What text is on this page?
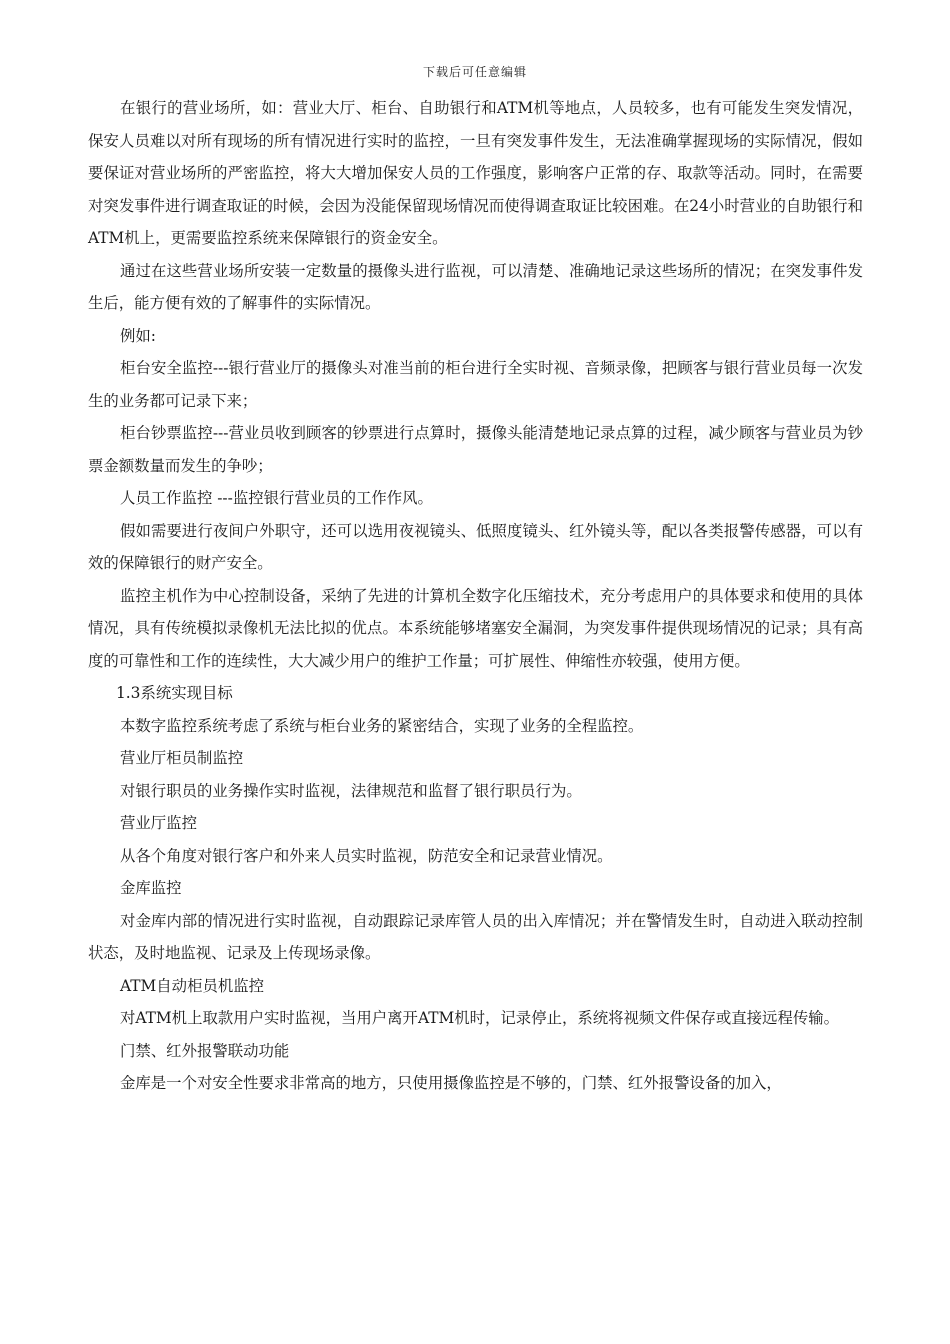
下载后可任意编辑

在银行的营业场所，如：营业大厅、柜台、自助银行和ATM机等地点，人员较多，也有可能发生突发情况，保安人员难以对所有现场的所有情况进行实时的监控，一旦有突发事件发生，无法准确掌握现场的实际情况，假如要保证对营业场所的严密监控，将大大增加保安人员的工作强度，影响客户正常的存、取款等活动。同时，在需要对突发事件进行调查取证的时候，会因为没能保留现场情况而使得调查取证比较困难。在24小时营业的自助银行和ATM机上，更需要监控系统来保障银行的资金安全。

通过在这些营业场所安装一定数量的摄像头进行监视，可以清楚、准确地记录这些场所的情况；在突发事件发生后，能方便有效的了解事件的实际情况。

例如:

柜台安全监控---银行营业厅的摄像头对准当前的柜台进行全实时视、音频录像，把顾客与银行营业员每一次发生的业务都可记录下来；

柜台钞票监控---营业员收到顾客的钞票进行点算时，摄像头能清楚地记录点算的过程，减少顾客与营业员为钞票金额数量而发生的争吵；

人员工作监控 ---监控银行营业员的工作作风。

假如需要进行夜间户外职守，还可以选用夜视镜头、低照度镜头、红外镜头等，配以各类报警传感器，可以有效的保障银行的财产安全。

监控主机作为中心控制设备，采纳了先进的计算机全数字化压缩技术，充分考虑用户的具体要求和使用的具体情况，具有传统模拟录像机无法比拟的优点。本系统能够堵塞安全漏洞，为突发事件提供现场情况的记录；具有高度的可靠性和工作的连续性，大大减少用户的维护工作量；可扩展性、伸缩性亦较强，使用方便。

1.3系统实现目标

本数字监控系统考虑了系统与柜台业务的紧密结合，实现了业务的全程监控。

营业厅柜员制监控

对银行职员的业务操作实时监视，法律规范和监督了银行职员行为。

营业厅监控

从各个角度对银行客户和外来人员实时监视，防范安全和记录营业情况。

金库监控

对金库内部的情况进行实时监视，自动跟踪记录库管人员的出入库情况；并在警情发生时，自动进入联动控制状态，及时地监视、记录及上传现场录像。

ATM自动柜员机监控

对ATM机上取款用户实时监视，当用户离开ATM机时，记录停止，系统将视频文件保存或直接远程传输。

门禁、红外报警联动功能

金库是一个对安全性要求非常高的地方，只使用摄像监控是不够的，门禁、红外报警设备的加入，
